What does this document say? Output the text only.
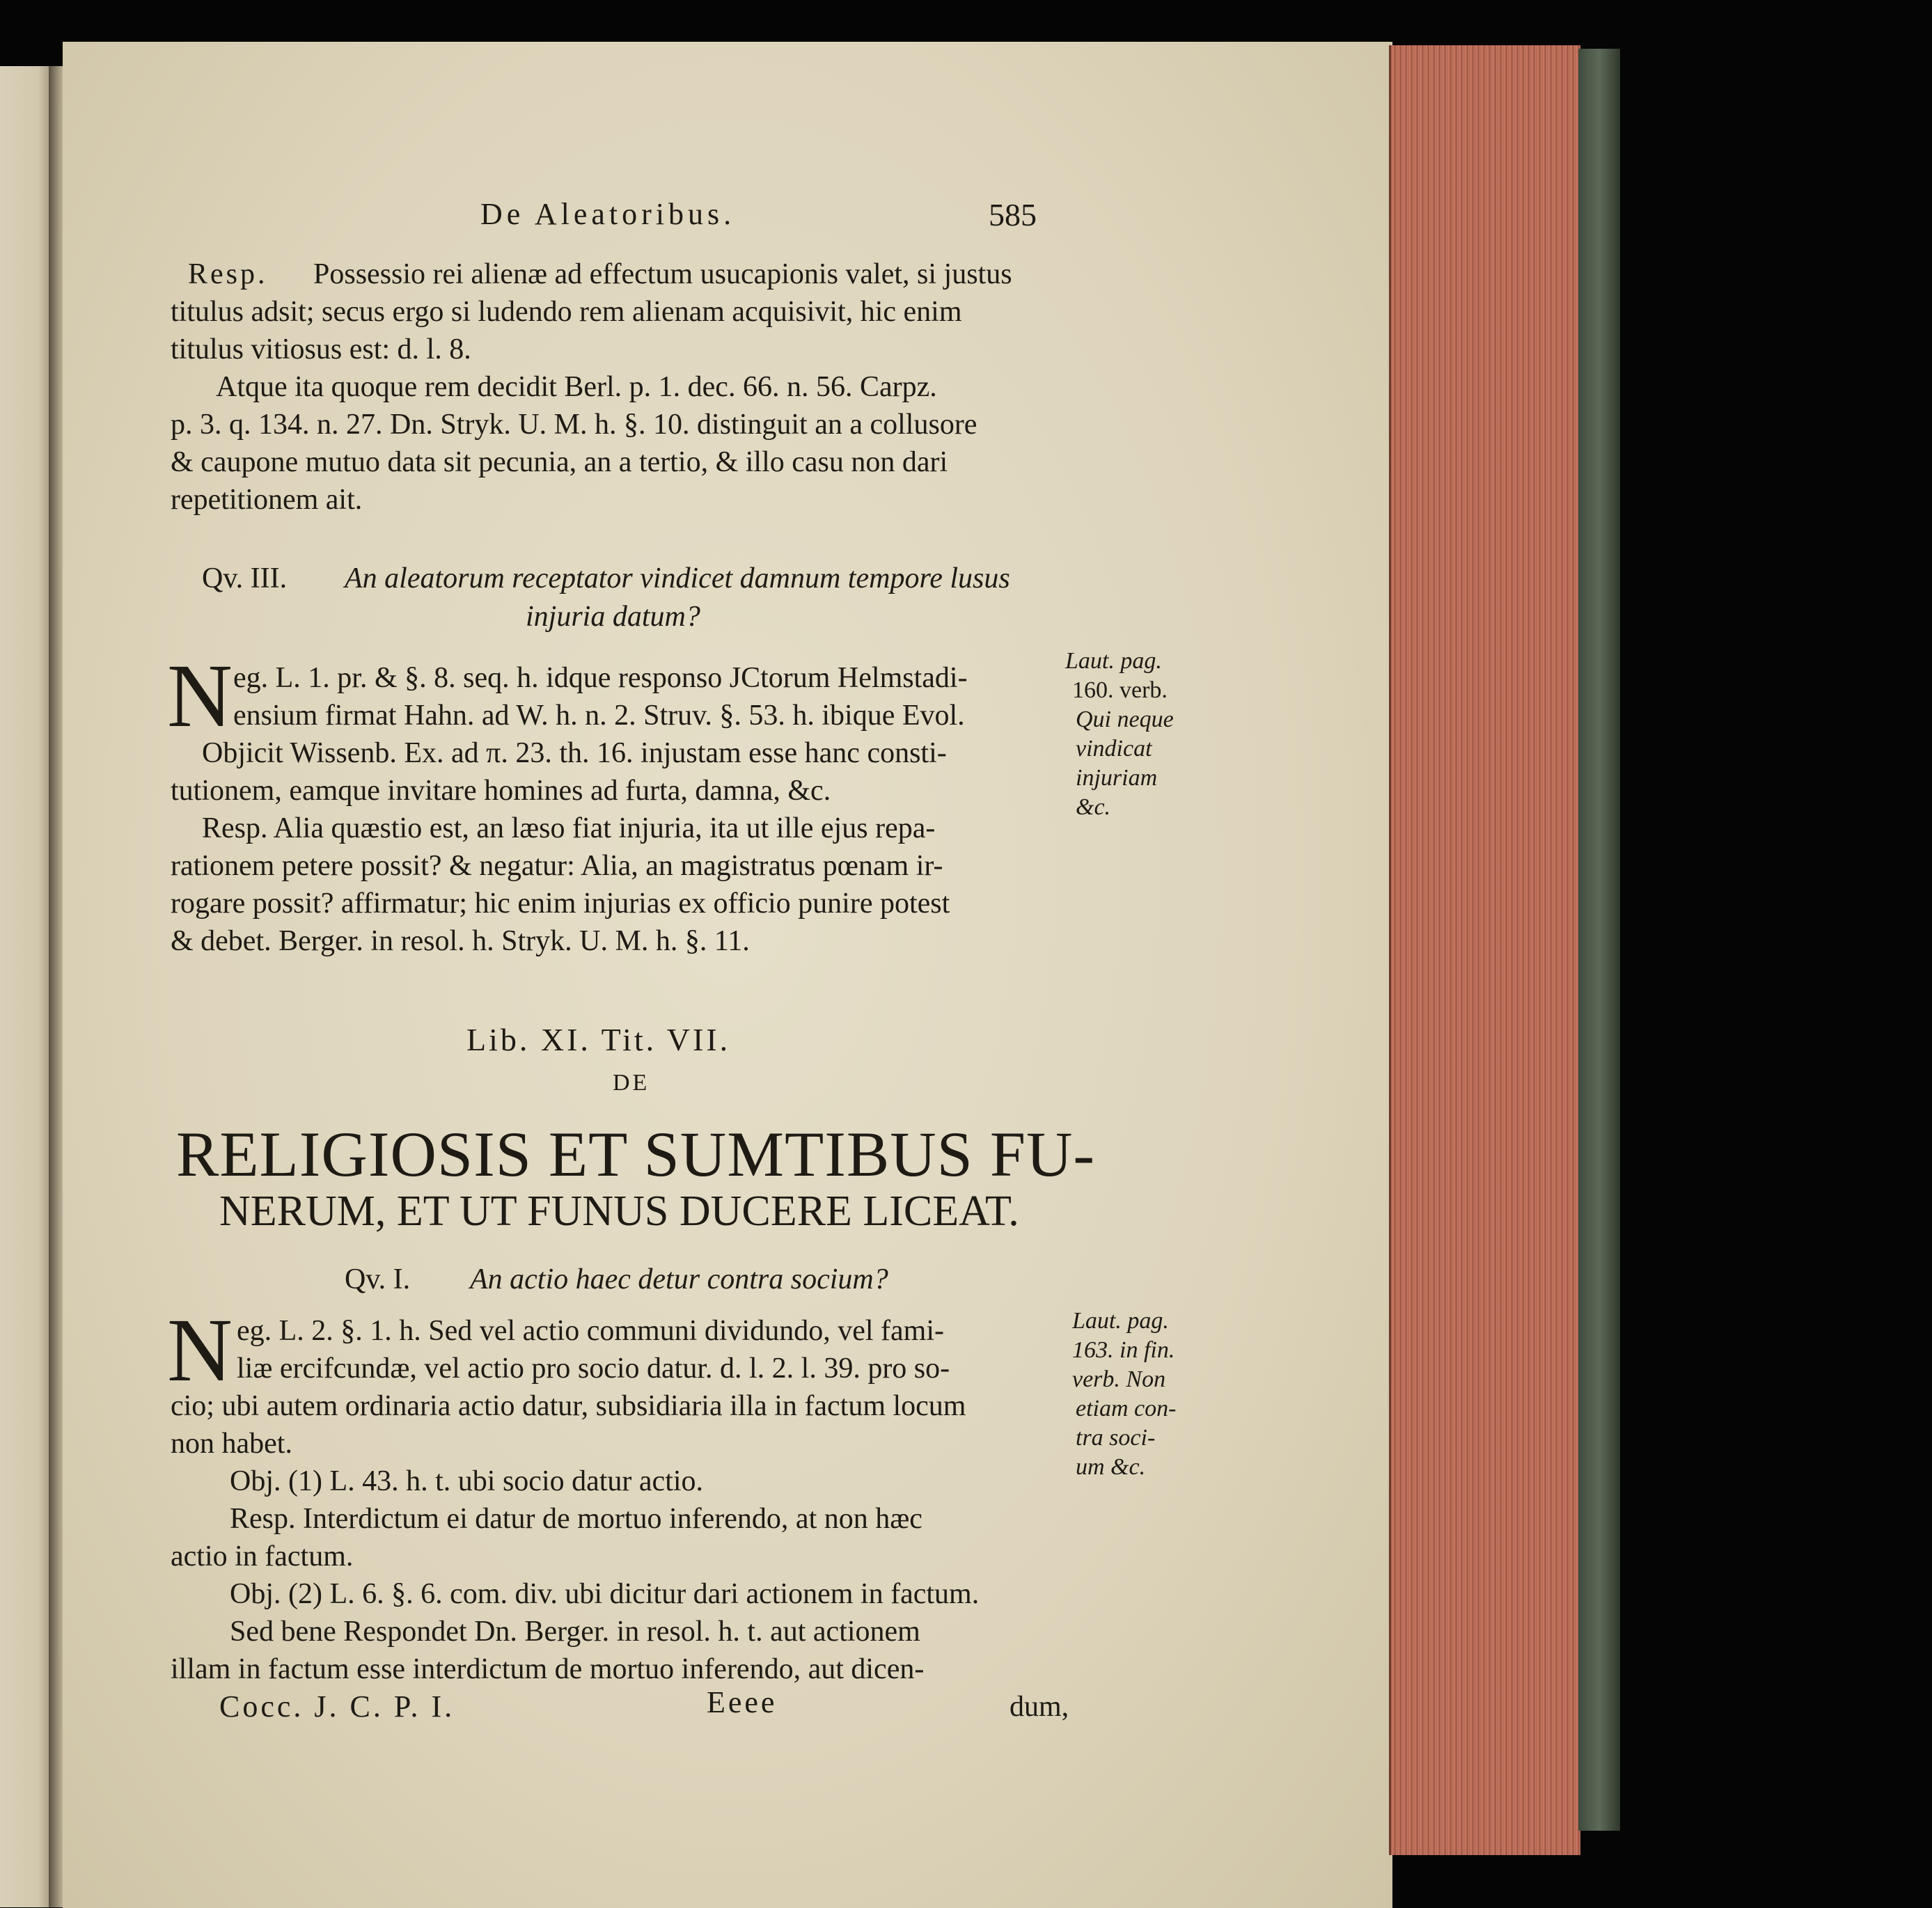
De Aleatoribus.	585
Resp. Possessio rei alienæ ad effectum usucapionis valet, si justus
titulus adsit; secus ergo si ludendo rem alienam acquisivit, hic enim
titulus vitiosus est: d. l. 8.
Atque ita quoque rem decidit Berl. p. 1. dec. 66. n. 56. Carpz.
p. 3. q. 134. n. 27. Dn. Stryk. U. M. h. §. 10. distinguit an a collusore
& caupone mutuo data sit pecunia, an a tertio, & illo casu non dari
repetitionem ait.
Qv. III. An aleatorum receptator vindicet damnum tempore lusus
injuria datum?
N eg. L. 1. pr. & §. 8. seq. h. idque responso JCtorum Helmstadi-
ensium firmat Hahn. ad W. h. n. 2. Struv. §. 53. h. ibique Evol.
Objicit Wissenb. Ex. ad π. 23. th. 16. injustam esse hanc consti-
tutionem, eamque invitare homines ad furta, damna, &c.
Resp. Alia quæstio est, an læso fiat injuria, ita ut ille ejus repa-
rationem petere possit? & negatur: Alia, an magistratus pœnam ir-
rogare possit? affirmatur; hic enim injurias ex officio punire potest
& debet. Berger. in resol. h. Stryk. U. M. h. §. 11.
Laut. pag.
160. verb.
Qui neque
vindicat
injuriam
&c.
Lib. XI. Tit. VII.
DE
RELIGIOSIS ET SUMTIBUS FU-
NERUM, ET UT FUNUS DUCERE LICEAT.
Qv. I. An actio haec detur contra socium?
N eg. L. 2. §. 1. h. Sed vel actio communi dividundo, vel fami-
liæ ercifcundæ, vel actio pro socio datur. d. l. 2. l. 39. pro so-
cio; ubi autem ordinaria actio datur, subsidiaria illa in factum locum
non habet.
Obj. (1) L. 43. h. t. ubi socio datur actio.
Resp. Interdictum ei datur de mortuo inferendo, at non hæc
actio in factum.
Obj. (2) L. 6. §. 6. com. div. ubi dicitur dari actionem in factum.
Sed bene Respondet Dn. Berger. in resol. h. t. aut actionem
illam in factum esse interdictum de mortuo inferendo, aut dicen-
Laut. pag.
163. in fin.
verb. Non
etiam con-
tra soci-
um &c.
Cocc. J. C. P. I.	Eeee	dum,
